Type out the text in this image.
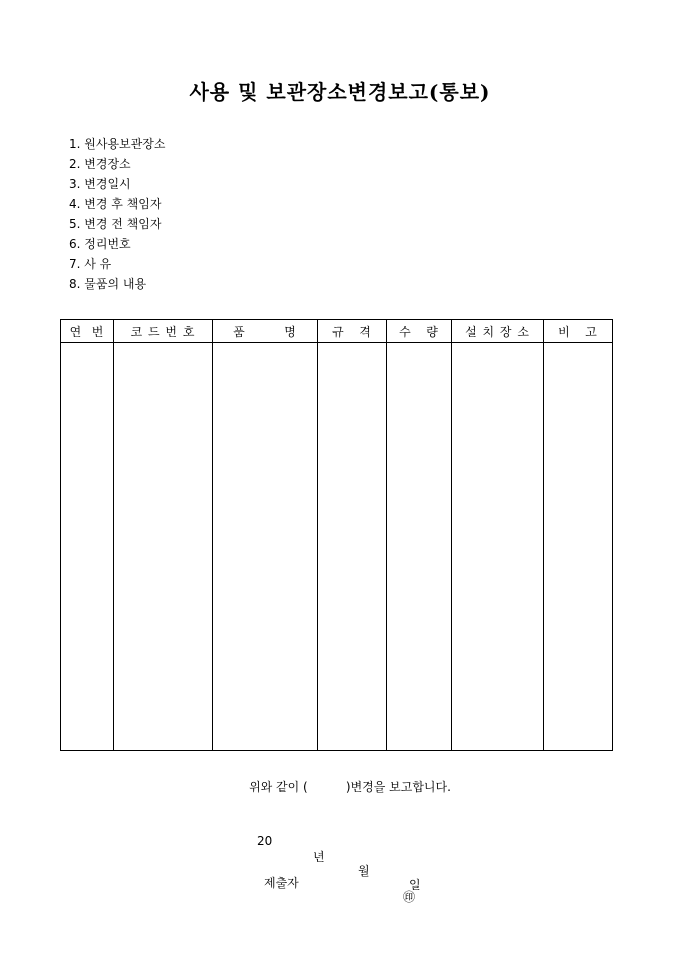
사용 및 보관장소변경보고(통보)
1. 원사용보관장소
2. 변경장소
3. 변경일시
4. 변경 후 책임자
5. 변경 전 책임자
6. 정리번호
7. 사 유
8. 물품의 내용
연  번	코 드 번 호	품        명	규   격	수   량	설 치 장 소	비   고

위와 같이 (          )변경을 보고합니다.

20

년

월

일

제출자

㊞
